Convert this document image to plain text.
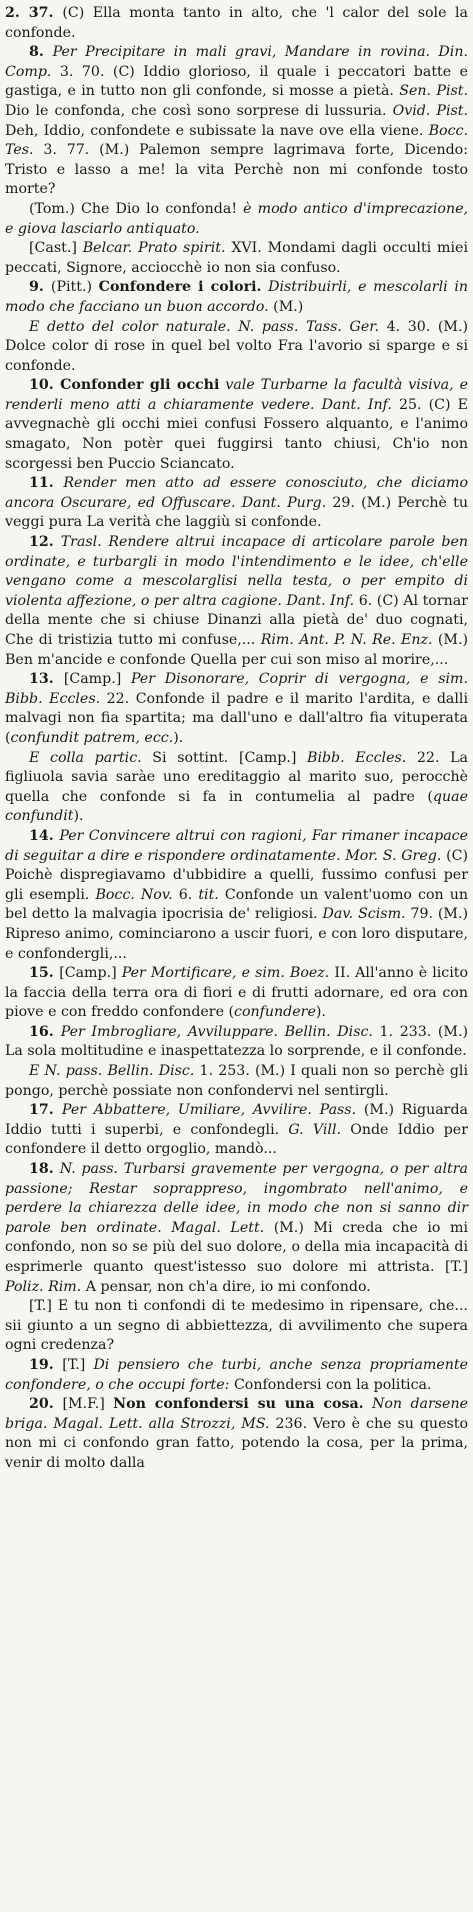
2. 37. (C) Ella monta tanto in alto, che 'l calor del sole la confonde.

8. Per Precipitare in mali gravi, Mandare in rovina. Din. Comp. 3. 70. (C) Iddio glorioso, il quale i peccatori batte e gastiga, e in tutto non gli confonde, si mosse a pietà. Sen. Pist. Dio le confonda, che così sono sorprese di lussuria. Ovid. Pist. Deh, Iddio, confondete e subissate la nave ove ella viene. Bocc. Tes. 3. 77. (M.) Palemon sempre lagrimava forte, Dicendo: Tristo e lasso a me! la vita Perchè non mi confonde tosto morte?

(Tom.) Che Dio lo confonda! è modo antico d'imprecazione, e giova lasciarlo antiquato.

[Cast.] Belcar. Prato spirit. XVI. Mondami dagli occulti miei peccati, Signore, acciocchè io non sia confuso.

9. (Pitt.) Confondere i colori. Distribuirli, e mescolarli in modo che facciano un buon accordo. (M.)

E detto del color naturale. N. pass. Tass. Ger. 4. 30. (M.) Dolce color di rose in quel bel volto Fra l'avorio si sparge e si confonde.

10. Confonder gli occhi vale Turbarne la facultà visiva, e renderli meno atti a chiaramente vedere. Dant. Inf. 25. (C) E avvegnachè gli occhi miei confusi Fossero alquanto, e l'animo smagato, Non potèr quei fuggirsi tanto chiusi, Ch'io non scorgessi ben Puccio Sciancato.

11. Render men atto ad essere conosciuto, che diciamo ancora Oscurare, ed Offuscare. Dant. Purg. 29. (M.) Perchè tu veggi pura La verità che laggiù si confonde.

12. Trasl. Rendere altrui incapace di articolare parole ben ordinate, e turbargli in modo l'intendimento e le idee, ch'elle vengano come a mescolarglisi nella testa, o per empito di violenta affezione, o per altra cagione. Dant. Inf. 6. (C) Al tornar della mente che si chiuse Dinanzi alla pietà de' duo cognati, Che di tristizia tutto mi confuse,... Rim. Ant. P. N. Re. Enz. (M.) Ben m'ancide e confonde Quella per cui son miso al morire,...

13. [Camp.] Per Disonorare, Coprir di vergogna, e sim. Bibb. Eccles. 22. Confonde il padre e il marito l'ardita, e dalli malvagi non fia spartita; ma dall'uno e dall'altro fia vituperata (confundit patrem, ecc.).

E colla partic. Si sottint. [Camp.] Bibb. Eccles. 22. La figliuola savia saràe uno ereditaggio al marito suo, perocchè quella che confonde si fa in contumelia al padre (quae confundit).

14. Per Convincere altrui con ragioni, Far rimaner incapace di seguitar a dire e rispondere ordinatamente. Mor. S. Greg. (C) Poichè dispregiavamo d'ubbidire a quelli, fussimo confusi per gli esempli. Bocc. Nov. 6. tit. Confonde un valent'uomo con un bel detto la malvagia ipocrisia de' religiosi. Dav. Scism. 79. (M.) Ripreso animo, cominciarono a uscir fuori, e con loro disputare, e confondergli,...

15. [Camp.] Per Mortificare, e sim. Boez. II. All'anno è licito la faccia della terra ora di fiori e di frutti adornare, ed ora con piove e con freddo confondere (confundere).

16. Per Imbrogliare, Avviluppare. Bellin. Disc. 1. 233. (M.) La sola moltitudine e inaspettatezza lo sorprende, e il confonde.

E N. pass. Bellin. Disc. 1. 253. (M.) I quali non so perchè gli pongo, perchè possiate non confondervi nel sentirgli.

17. Per Abbattere, Umiliare, Avvilire. Pass. (M.) Riguarda Iddio tutti i superbi, e confondegli. G. Vill. Onde Iddio per confondere il detto orgoglio, mandò...

18. N. pass. Turbarsi gravemente per vergogna, o per altra passione; Restar soprappreso, ingombrato nell'animo, e perdere la chiarezza delle idee, in modo che non si sanno dir parole ben ordinate. Magal. Lett. (M.) Mi creda che io mi confondo, non so se più del suo dolore, o della mia incapacità di esprimerle quanto quest'istesso suo dolore mi attrista. [T.] Poliz. Rim. A pensar, non ch'a dire, io mi confondo.

[T.] E tu non ti confondi di te medesimo in ripensare, che... sii giunto a un segno di abbiettezza, di avvilimento che supera ogni credenza?

19. [T.] Di pensiero che turbi, anche senza propriamente confondere, o che occupi forte: Confondersi con la politica.

20. [M.F.] Non confondersi su una cosa. Non darsene briga. Magal. Lett. alla Strozzi, MS. 236. Vero è che su questo non mi ci confondo gran fatto, potendo la cosa, per la prima, venir di molto dalla
